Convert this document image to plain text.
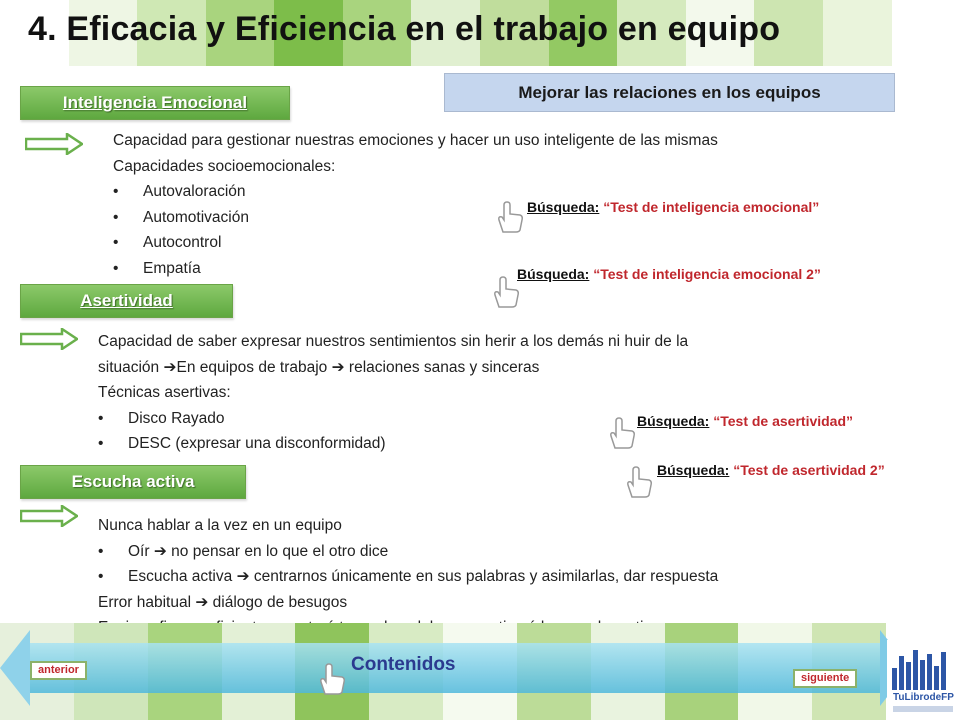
4. Eficacia y Eficiencia en el trabajo en equipo
Mejorar las relaciones en los equipos
Inteligencia Emocional
Capacidad para gestionar nuestras emociones y hacer un uso inteligente de las mismas
Capacidades socioemocionales:
• Autovaloración
• Automotivación
• Autocontrol
• Empatía
Asertividad
Capacidad de saber expresar nuestros sentimientos sin herir a los demás ni huir de la
situación ➔En equipos de trabajo ➔ relaciones sanas y sinceras
Técnicas asertivas:
• Disco Rayado
• DESC (expresar una disconformidad)
Escucha activa
Nunca hablar a la vez en un equipo
• Oír ➔ no pensar en lo que el otro dice
• Escucha activa ➔ centrarnos únicamente en sus palabras y asimilarlas, dar respuesta
Error habitual ➔ diálogo de besugos
Búsqueda: “Test de inteligencia emocional”
Búsqueda: “Test de inteligencia emocional 2”
Búsqueda: “Test de asertividad”
Búsqueda: “Test de asertividad 2”
anterior
siguiente
Contenidos
TuLibrodeFP
